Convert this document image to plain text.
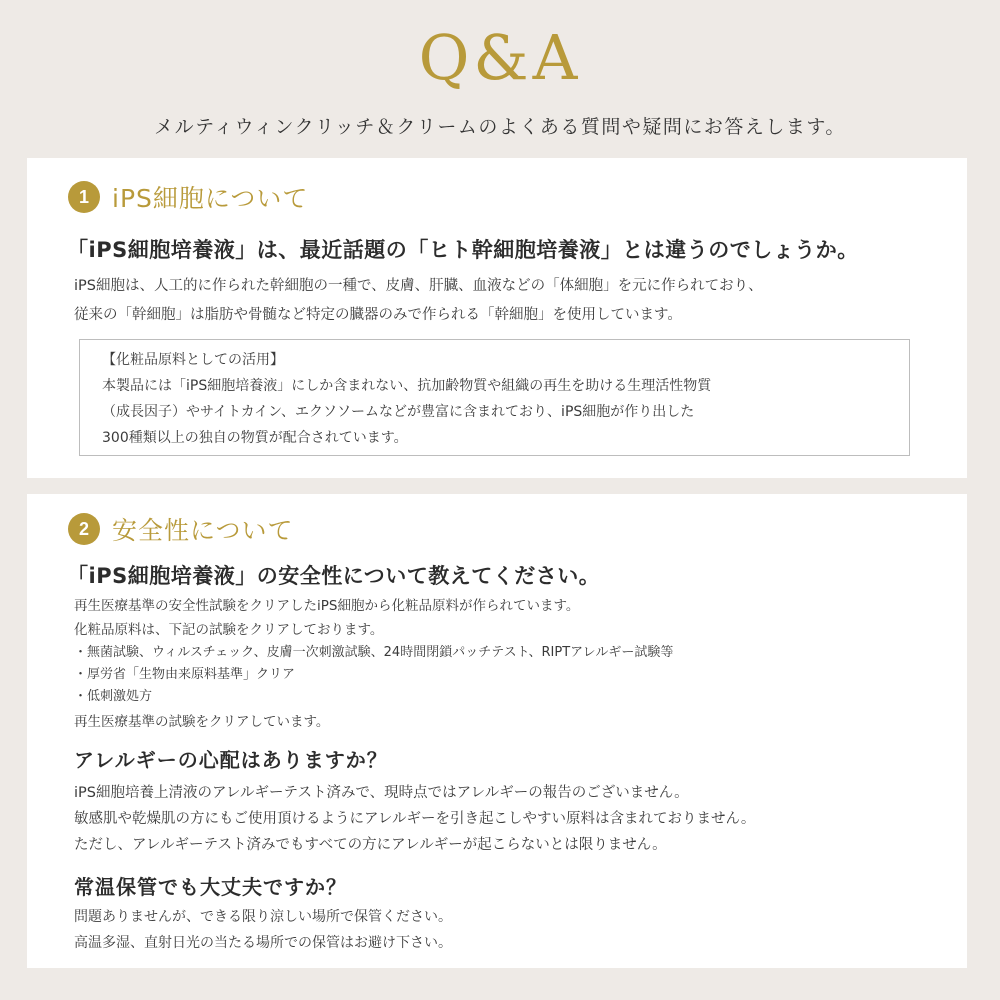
Q&A
メルティウィンクリッチ＆クリームのよくある質問や疑問にお答えします。
1 iPS細胞について
「iPS細胞培養液」は、最近話題の「ヒト幹細胞培養液」とは違うのでしょうか。
iPS細胞は、人工的に作られた幹細胞の一種で、皮膚、肝臓、血液などの「体細胞」を元に作られており、
従来の「幹細胞」は脂肪や骨髄など特定の臓器のみで作られる「幹細胞」を使用しています。
【化粧品原料としての活用】
本製品には「iPS細胞培養液」にしか含まれない、抗加齢物質や組織の再生を助ける生理活性物質
（成長因子）やサイトカイン、エクソソームなどが豊富に含まれており、iPS細胞が作り出した
300種類以上の独自の物質が配合されています。
2 安全性について
「iPS細胞培養液」の安全性について教えてください。
再生医療基準の安全性試験をクリアしたiPS細胞から化粧品原料が作られています。
化粧品原料は、下記の試験をクリアしております。
・無菌試験、ウィルスチェック、皮膚一次刺激試験、24時間閉鎖パッチテスト、RIPTアレルギー試験等
・厚労省「生物由来原料基準」クリア
・低刺激処方
再生医療基準の試験をクリアしています。
アレルギーの心配はありますか？
iPS細胞培養上清液のアレルギーテスト済みで、現時点ではアレルギーの報告のございません。
敏感肌や乾燥肌の方にもご使用頂けるようにアレルギーを引き起こしやすい原料は含まれておりません。
ただし、アレルギーテスト済みでもすべての方にアレルギーが起こらないとは限りません。
常温保管でも大丈夫ですか？
問題ありませんが、できる限り涼しい場所で保管ください。
高温多湿、直射日光の当たる場所での保管はお避け下さい。
